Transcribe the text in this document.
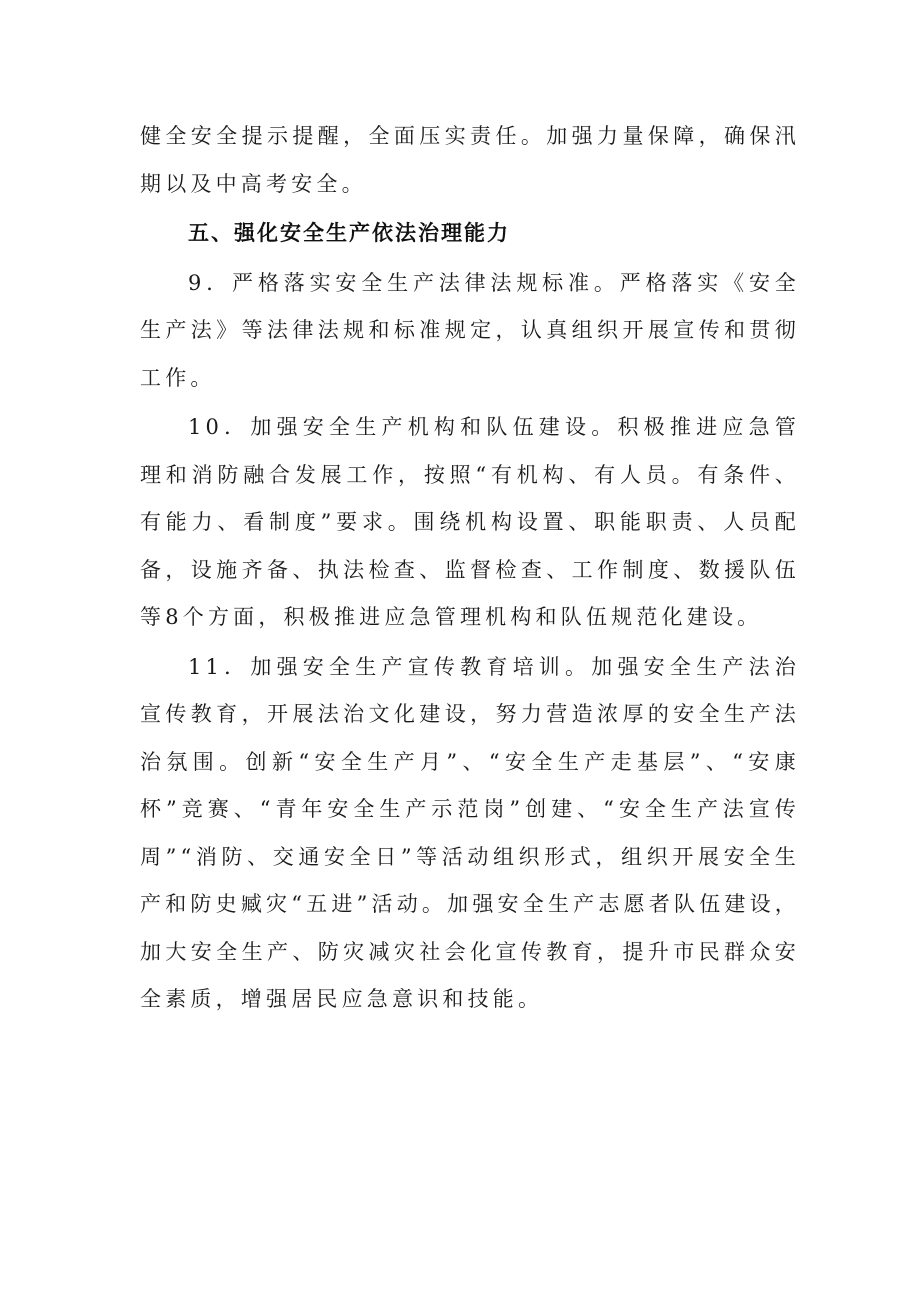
健全安全提示提醒，全面压实责任。加强力量保障，确保汛期以及中高考安全。

五、强化安全生产依法治理能力

9．严格落实安全生产法律法规标准。严格落实《安全生产法》等法律法规和标准规定，认真组织开展宣传和贯彻工作。

10．加强安全生产机构和队伍建设。积极推进应急管理和消防融合发展工作，按照“有机构、有人员。有条件、有能力、看制度”要求。围绕机构设置、职能职责、人员配备，设施齐备、执法检查、监督检查、工作制度、数援队伍等8个方面，积极推进应急管理机构和队伍规范化建设。

11．加强安全生产宣传教育培训。加强安全生产法治宣传教育，开展法治文化建设，努力营造浓厚的安全生产法治氛围。创新“安全生产月”、“安全生产走基层”、“安康杯”竞赛、“青年安全生产示范岗”创建、“安全生产法宣传周”“消防、交通安全日”等活动组织形式，组织开展安全生产和防史臧灾“五进”活动。加强安全生产志愿者队伍建设，加大安全生产、防灾减灾社会化宣传教育，提升市民群众安全素质，增强居民应急意识和技能。
